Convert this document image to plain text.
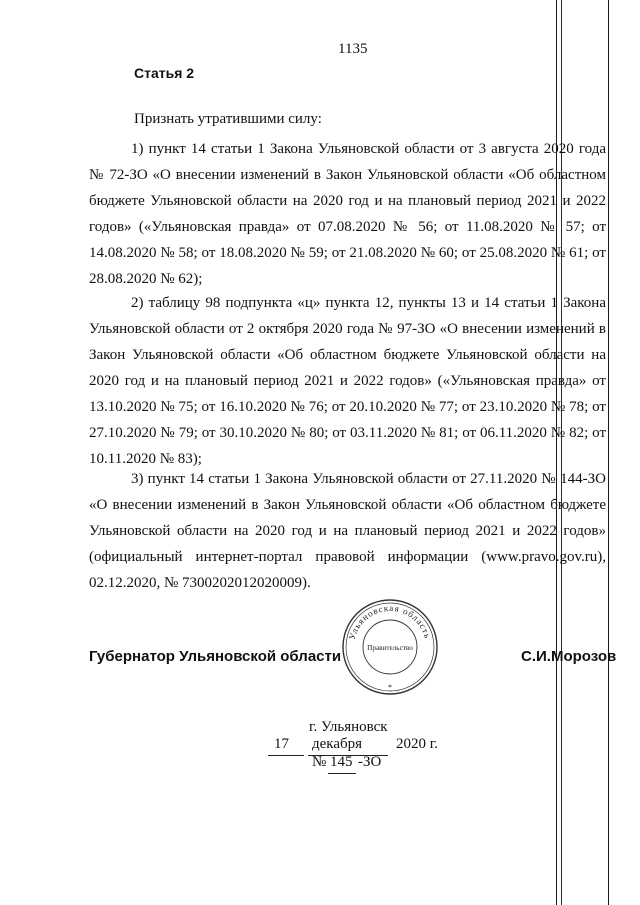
1135
Статья 2
Признать утратившими силу:

1) пункт 14 статьи 1 Закона Ульяновской области от 3 августа 2020 года № 72-ЗО «О внесении изменений в Закон Ульяновской области «Об областном бюджете Ульяновской области на 2020 год и на плановый период 2021 и 2022 годов» («Ульяновская правда» от 07.08.2020 № 56; от 11.08.2020 № 57; от 14.08.2020 № 58; от 18.08.2020 № 59; от 21.08.2020 № 60; от 25.08.2020 № 61; от 28.08.2020 № 62);

2) таблицу 98 подпункта «ц» пункта 12, пункты 13 и 14 статьи 1 Закона Ульяновской области от 2 октября 2020 года № 97-ЗО «О внесении изменений в Закон Ульяновской области «Об областном бюджете Ульяновской области на 2020 год и на плановый период 2021 и 2022 годов» («Ульяновская правда» от 13.10.2020 № 75; от 16.10.2020 № 76; от 20.10.2020 № 77; от 23.10.2020 № 78; от 27.10.2020 № 79; от 30.10.2020 № 80; от 03.11.2020 № 81; от 06.11.2020 № 82; от 10.11.2020 № 83);

3) пункт 14 статьи 1 Закона Ульяновской области от 27.11.2020 № 144-ЗО «О внесении изменений в Закон Ульяновской области «Об областном бюджете Ульяновской области на 2020 год и на плановый период 2021 и 2022 годов» (официальный интернет-портал правовой информации (www.pravo.gov.ru), 02.12.2020, № 7300202012020009).

Губернатор Ульяновской области
Ульяновская область
Правительство
*
С.И.Морозов
г. Ульяновск
17 декабря 2020 г.
№ 145 -ЗО
